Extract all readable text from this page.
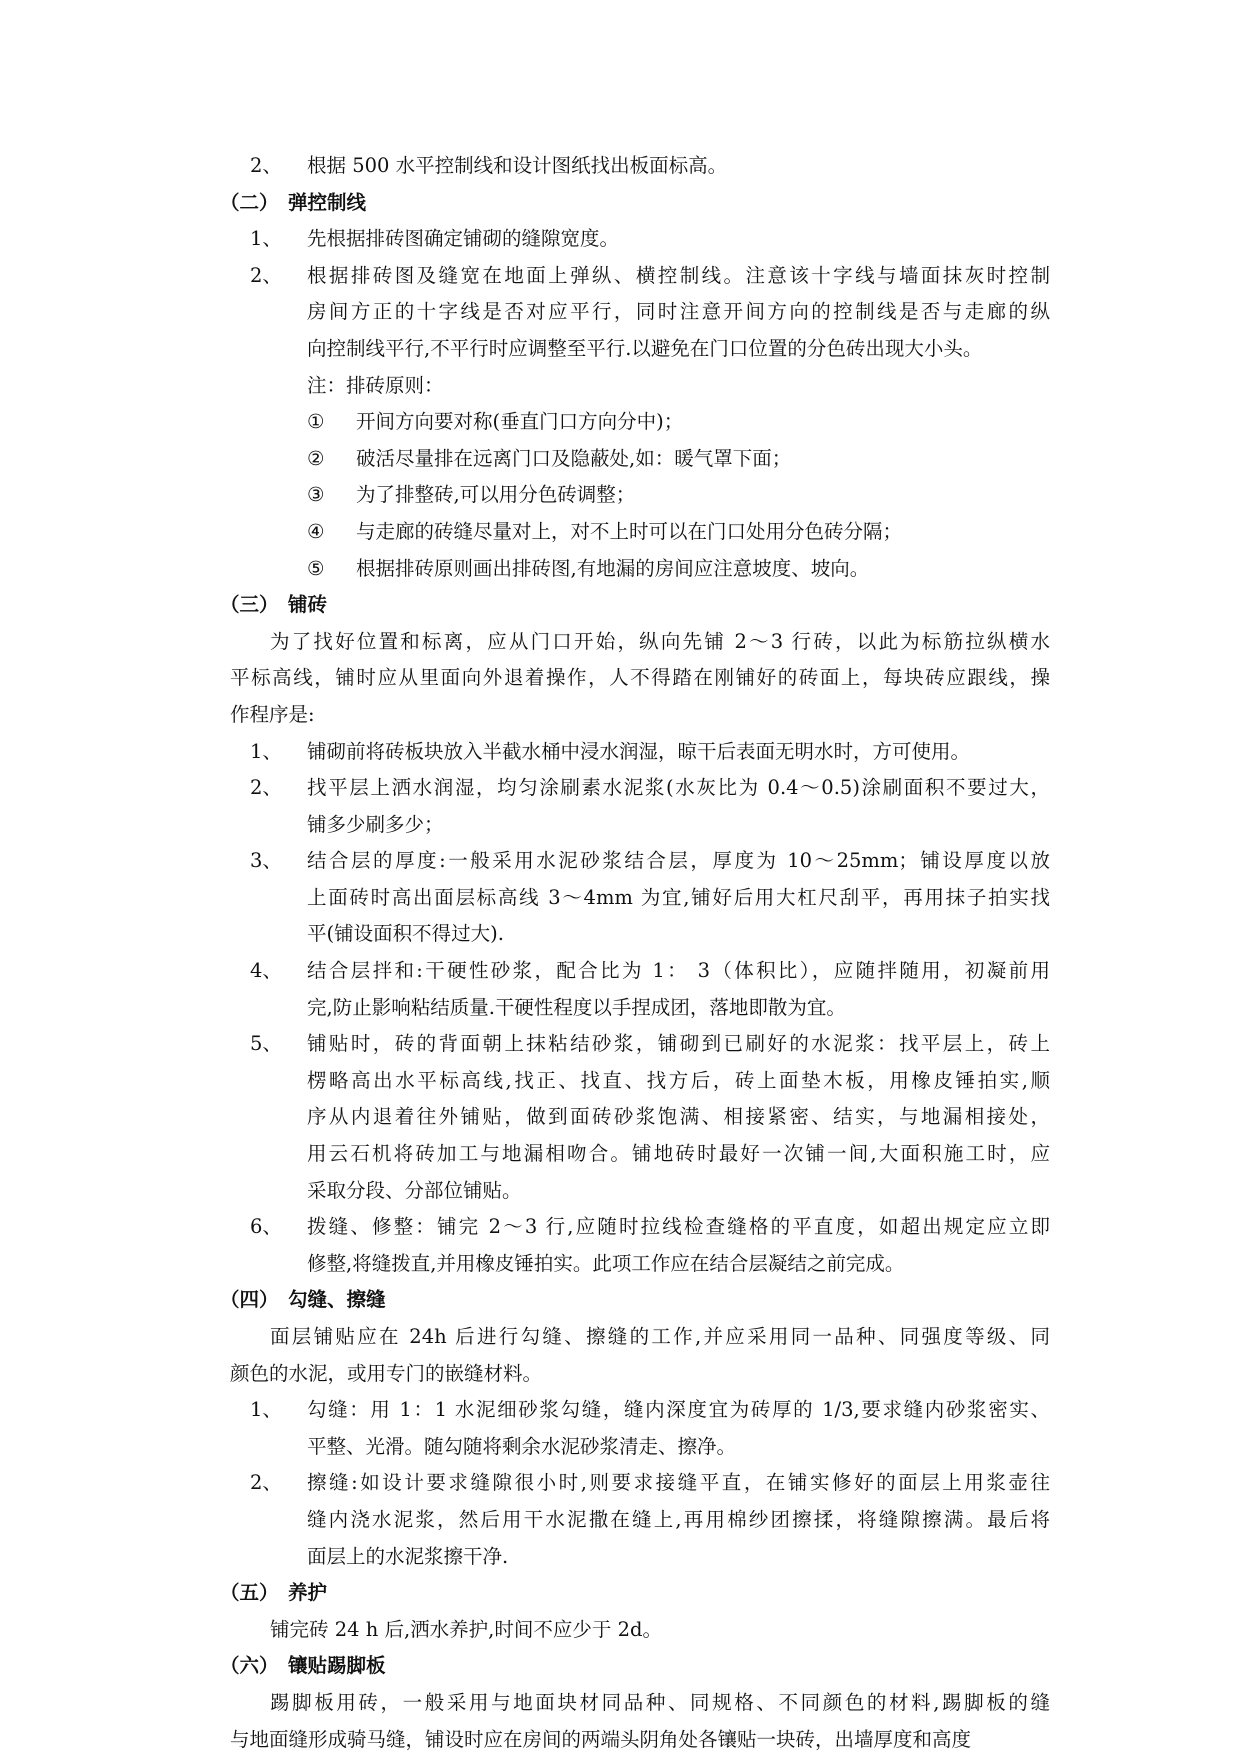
2、 根据 500 水平控制线和设计图纸找出板面标高。
（二） 弹控制线
1、 先根据排砖图确定铺砌的缝隙宽度。
2、 根据排砖图及缝宽在地面上弹纵、横控制线。注意该十字线与墙面抹灰时控制
房间方正的十字线是否对应平行，同时注意开间方向的控制线是否与走廊的纵
向控制线平行,不平行时应调整至平行.以避免在门口位置的分色砖出现大小头。
注：排砖原则：
① 开间方向要对称(垂直门口方向分中)；
② 破活尽量排在远离门口及隐蔽处,如：暖气罩下面；
③ 为了排整砖,可以用分色砖调整；
④ 与走廊的砖缝尽量对上，对不上时可以在门口处用分色砖分隔；
⑤ 根据排砖原则画出排砖图,有地漏的房间应注意坡度、坡向。
（三） 铺砖
为了找好位置和标离，应从门口开始，纵向先铺 2～3 行砖，以此为标筋拉纵横水
平标高线，铺时应从里面向外退着操作，人不得踏在刚铺好的砖面上，每块砖应跟线，操
作程序是:
1、 铺砌前将砖板块放入半截水桶中浸水润湿，晾干后表面无明水时，方可使用。
2、 找平层上洒水润湿，均匀涂刷素水泥浆(水灰比为 0.4～0.5)涂刷面积不要过大，
铺多少刷多少；
3、 结合层的厚度:一般采用水泥砂浆结合层，厚度为 10～25mm；铺设厚度以放
上面砖时高出面层标高线 3～4mm 为宜,铺好后用大杠尺刮平，再用抹子拍实找
平(铺设面积不得过大).
4、 结合层拌和:干硬性砂浆，配合比为 1： 3（体积比），应随拌随用，初凝前用
完,防止影响粘结质量.干硬性程度以手捏成团，落地即散为宜。
5、 铺贴时，砖的背面朝上抹粘结砂浆，铺砌到已刷好的水泥浆：找平层上，砖上
楞略高出水平标高线,找正、找直、找方后，砖上面垫木板，用橡皮锤拍实,顺
序从内退着往外铺贴，做到面砖砂浆饱满、相接紧密、结实，与地漏相接处，
用云石机将砖加工与地漏相吻合。铺地砖时最好一次铺一间,大面积施工时，应
采取分段、分部位铺贴。
6、 拨缝、修整：铺完 2～3 行,应随时拉线检查缝格的平直度，如超出规定应立即
修整,将缝拨直,并用橡皮锤拍实。此项工作应在结合层凝结之前完成。
（四） 勾缝、擦缝
面层铺贴应在 24h 后进行勾缝、擦缝的工作,并应采用同一品种、同强度等级、同
颜色的水泥，或用专门的嵌缝材料。
1、 勾缝：用 1：1 水泥细砂浆勾缝，缝内深度宜为砖厚的 1/3,要求缝内砂浆密实、
平整、光滑。随勾随将剩余水泥砂浆清走、擦净。
2、 擦缝:如设计要求缝隙很小时,则要求接缝平直，在铺实修好的面层上用浆壶往
缝内浇水泥浆，然后用干水泥撒在缝上,再用棉纱团擦揉，将缝隙擦满。最后将
面层上的水泥浆擦干净.
（五） 养护
铺完砖 24 h 后,洒水养护,时间不应少于 2d。
（六） 镶贴踢脚板
踢脚板用砖，一般采用与地面块材同品种、同规格、不同颜色的材料,踢脚板的缝
与地面缝形成骑马缝，铺设时应在房间的两端头阴角处各镶贴一块砖，出墙厚度和高度
